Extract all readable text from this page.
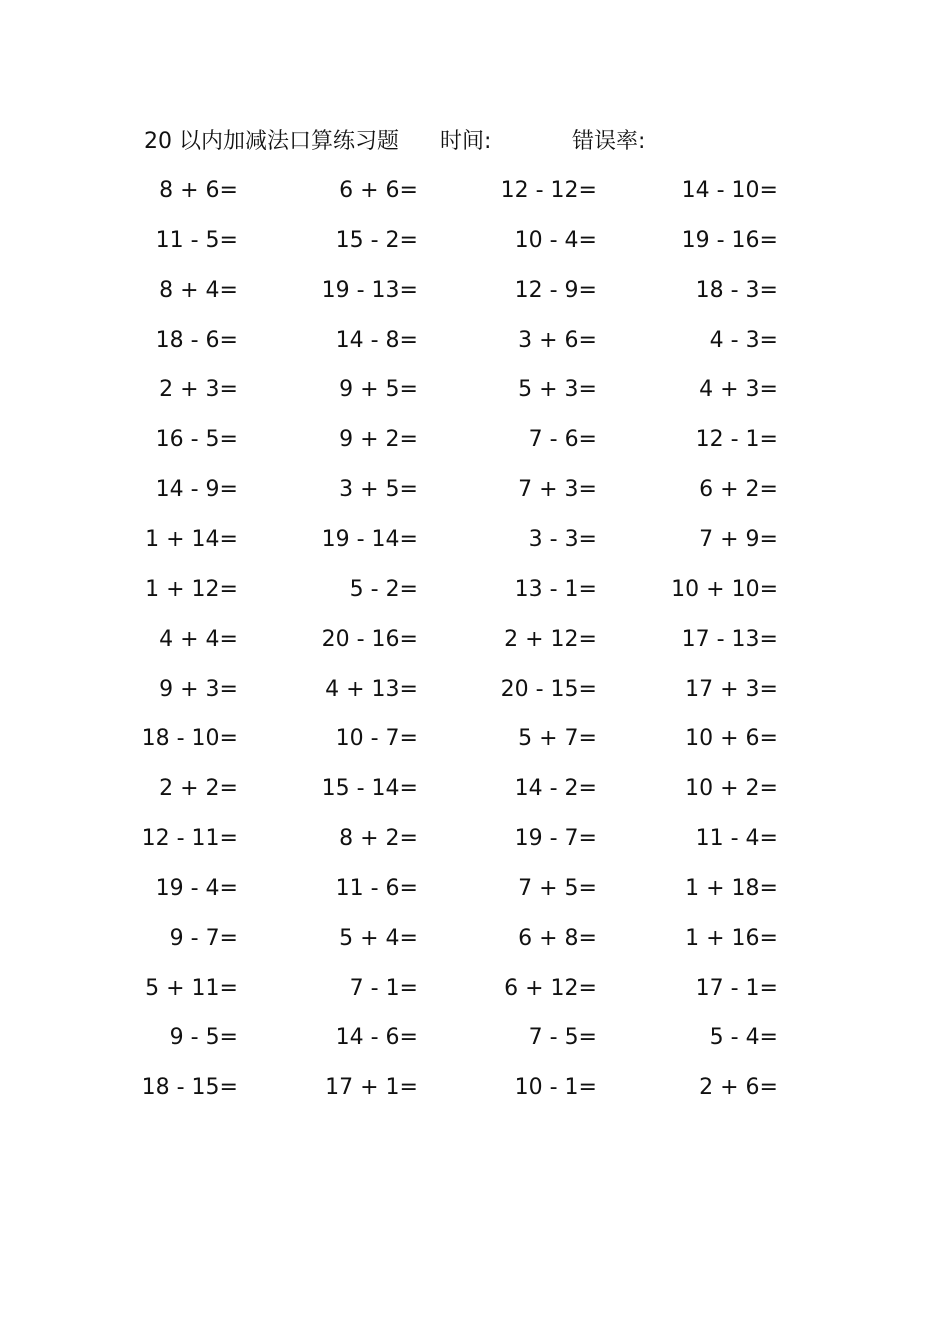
20 以内加减法口算练习题 时间:	错误率:
8 + 6=
11 - 5=
8 + 4=
18 - 6=
2 + 3=
16 - 5=
14 - 9=
1 + 14=
1 + 12=
4 + 4=
9 + 3=
18 - 10=
2 + 2=
12 - 11=
19 - 4=
9 - 7=
5 + 11=
9 - 5=
18 - 15=
6 + 6=
15 - 2=
19 - 13=
14 - 8=
9 + 5=
9 + 2=
3 + 5=
19 - 14=
5 - 2=
20 - 16=
4 + 13=
10 - 7=
15 - 14=
8 + 2=
11 - 6=
5 + 4=
7 - 1=
14 - 6=
17 + 1=
12 - 12=
10 - 4=
12 - 9=
3 + 6=
5 + 3=
7 - 6=
7 + 3=
3 - 3=
13 - 1=
2 + 12=
20 - 15=
5 + 7=
14 - 2=
19 - 7=
7 + 5=
6 + 8=
6 + 12=
7 - 5=
10 - 1=
14 - 10=
19 - 16=
18 - 3=
4 - 3=
4 + 3=
12 - 1=
6 + 2=
7 + 9=
10 + 10=
17 - 13=
17 + 3=
10 + 6=
10 + 2=
11 - 4=
1 + 18=
1 + 16=
17 - 1=
5 - 4=
2 + 6=
